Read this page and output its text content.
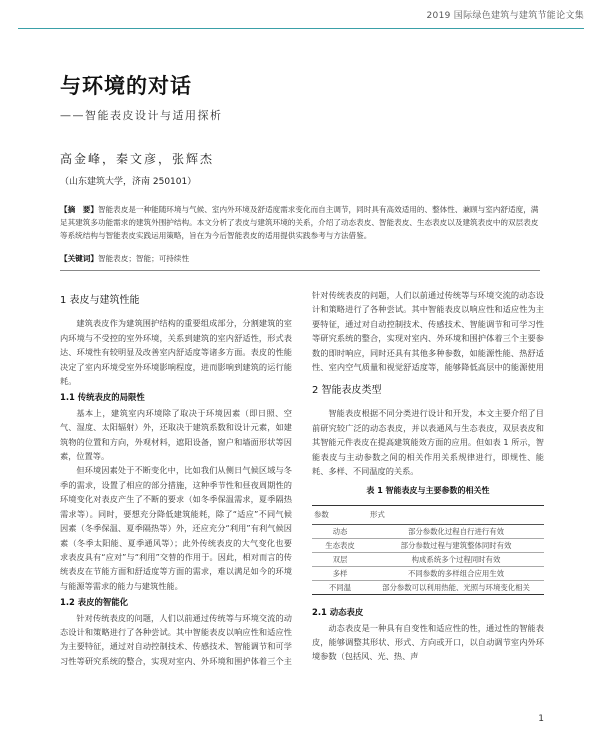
2019 国际绿色建筑与建筑节能论文集
与环境的对话
——智能表皮设计与适用探析
高金峰，秦文彦，张辉杰
（山东建筑大学，济南 250101）
【摘　要】智能表皮是一种能随环境与气候、室内外环境及舒适度需求变化而自主调节，同时具有高效适用的、整体性、兼顾与室内舒适度，满足其建筑多功能需求的建筑外围护结构。本文分析了表皮与建筑环境的关系，介绍了动态表皮、智能表皮、生态表皮以及建筑表皮中的双层表皮等系统结构与智能表皮实践运用策略，旨在为今后智能表皮的适用提供实践参考与方法借鉴。
【关键词】智能表皮；智能；可持续性
1 表皮与建筑性能

建筑表皮作为建筑围护结构的重要组成部分，分割建筑的室内环境与不受控的室外环境，关系到建筑的室内舒适性，形式表达、环境性有较明显及改善室内舒适度等诸多方面。表皮的性能决定了室内环境受室外环境影响程度，进而影响到建筑的运行能耗。

1.1 传统表皮的局限性

基本上，建筑室内环境除了取决于环境因素（即日照、空气、湿度、太阳辐射）外，还取决于建筑系数和设计元素，如建筑物的位置和方向，外观材料，遮阳设备，窗户和墙面形状等因素，位置等。

但环境因素处于不断变化中，比如我们从侧日气候区域与冬季的需求，设置了相应的部分措施，这种季节性和昼夜周期性的环境变化对表皮产生了不断的要求（如冬季保温需求，夏季隔热需求等）。同时，要想充分降低建筑能耗，除了“适应”不同气候因素（冬季保温、夏季隔热等）外，还应充分“利用”有利气候因素（冬季太阳能、夏季通风等）；此外传统表皮的大气变化也要求表皮具有“应对”与“利用”交替的作用于。因此，相对而言的传统表皮在节能方面和舒适度等方面的需求，难以满足如今的环境与能源等需求的能力与建筑性能。

1.2 表皮的智能化

针对传统表皮的问题，人们以前通过传统等与环境交流的动态设计和策略进行了各种尝试。其中智能表皮以响应性和适应性为主要特征，通过对自动控制技术、传感技术、智能调节和可学习性等研究系统的整合，实现对室内、外环境和围护体着三个主

针对传统表皮的问题，人们以前通过传统等与环境交流的动态设计和策略进行了各种尝试。其中智能表皮以响应性和适应性为主要特征，通过对自动控制技术、传感技术、智能调节和可学习性等研究系统的整合，实现对室内、外环境和围护体着三个主要参数的即时响应，同时还具有其他多种参数，如能源性能、热舒适性、室内空气质量和视觉舒适度等，能够降低高层中的能源使用

2 智能表皮类型

智能表皮根据不同分类进行设计和开发，本文主要介绍了目前研究较广泛的动态表皮，并以表通风与生态表皮，双层表皮和其智能元件表皮在提高建筑能效方面的应用。但如表 1 所示，智能表皮与主动参数之间的相关作用关系规律进行，即规性、能耗、多样、不同温度的关系。

表 1 智能表皮与主要参数的相关性
参数	形式
动态	部分参数化过程自行进行有效
生态表皮	部分参数过程与建筑整体同时有效
双层	构成系统多个过程同时有效
多样	不同参数的多样组合应用生效
不同温	部分参数可以利用热能、光照与环境变化相关
2.1 动态表皮

动态表皮是一种具有自变性和适应性的性，通过性的智能表皮，能够调整其形状、形式、方向或开口，以自动调节室内外环境参数（包括风、光、热、声

1
